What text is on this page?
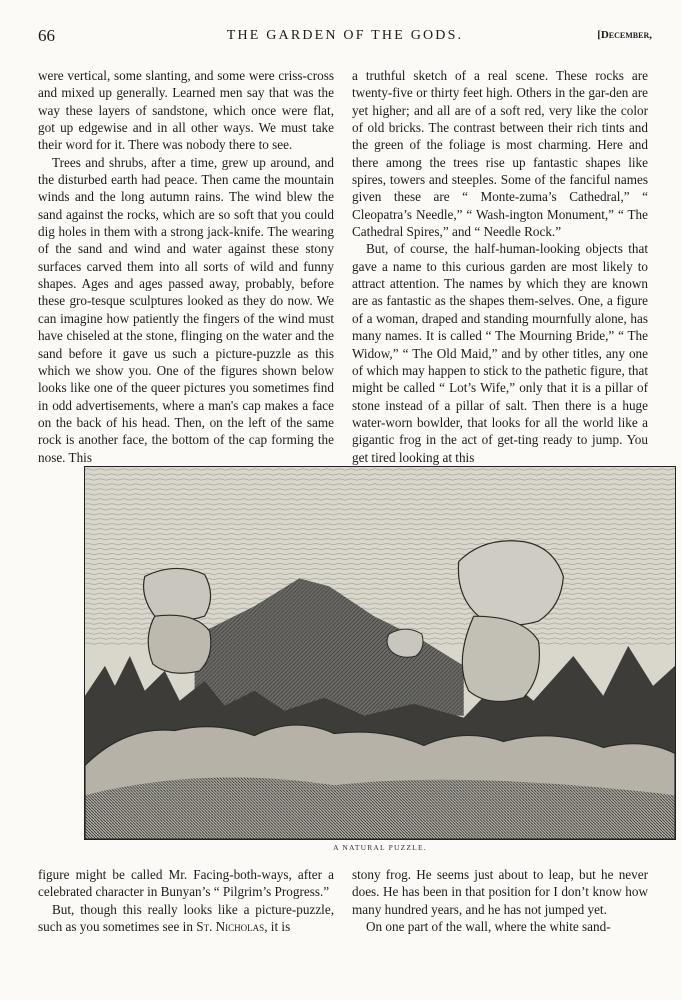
66	THE GARDEN OF THE GODS.	[December,

were vertical, some slanting, and some were criss-cross and mixed up generally. Learned men say that was the way these layers of sandstone, which once were flat, got up edgewise and in all other ways. We must take their word for it. There was nobody there to see.

Trees and shrubs, after a time, grew up around, and the disturbed earth had peace. Then came the mountain winds and the long autumn rains. The wind blew the sand against the rocks, which are so soft that you could dig holes in them with a strong jack-knife. The wearing of the sand and wind and water against these stony surfaces carved them into all sorts of wild and funny shapes. Ages and ages passed away, probably, before these gro-tesque sculptures looked as they do now. We can imagine how patiently the fingers of the wind must have chiseled at the stone, flinging on the water and the sand before it gave us such a picture-puzzle as this which we show you. One of the figures shown below looks like one of the queer pictures you sometimes find in odd advertisements, where a man's cap makes a face on the back of his head. Then, on the left of the same rock is another face, the bottom of the cap forming the nose. This

a truthful sketch of a real scene. These rocks are twenty-five or thirty feet high. Others in the gar-den are yet higher; and all are of a soft red, very like the color of old bricks. The contrast between their rich tints and the green of the foliage is most charming. Here and there among the trees rise up fantastic shapes like spires, towers and steeples. Some of the fanciful names given these are “ Monte-zuma’s Cathedral,” “ Cleopatra’s Needle,” “ Wash-ington Monument,” “ The Cathedral Spires,” and “ Needle Rock.”

But, of course, the half-human-looking objects that gave a name to this curious garden are most likely to attract attention. The names by which they are known are as fantastic as the shapes them-selves. One, a figure of a woman, draped and standing mournfully alone, has many names. It is called “ The Mourning Bride,” “ The Widow,” “ The Old Maid,” and by other titles, any one of which may happen to stick to the pathetic figure, that might be called “ Lot’s Wife,” only that it is a pillar of stone instead of a pillar of salt. Then there is a huge water-worn bowlder, that looks for all the world like a gigantic frog in the act of get-ting ready to jump. You get tired looking at this

A NATURAL PUZZLE.

figure might be called Mr. Facing-both-ways, after a celebrated character in Bunyan’s “ Pilgrim’s Progress.”

But, though this really looks like a picture-puzzle, such as you sometimes see in St. Nicholas, it is

stony frog. He seems just about to leap, but he never does. He has been in that position for I don’t know how many hundred years, and he has not jumped yet.

On one part of the wall, where the white sand-
